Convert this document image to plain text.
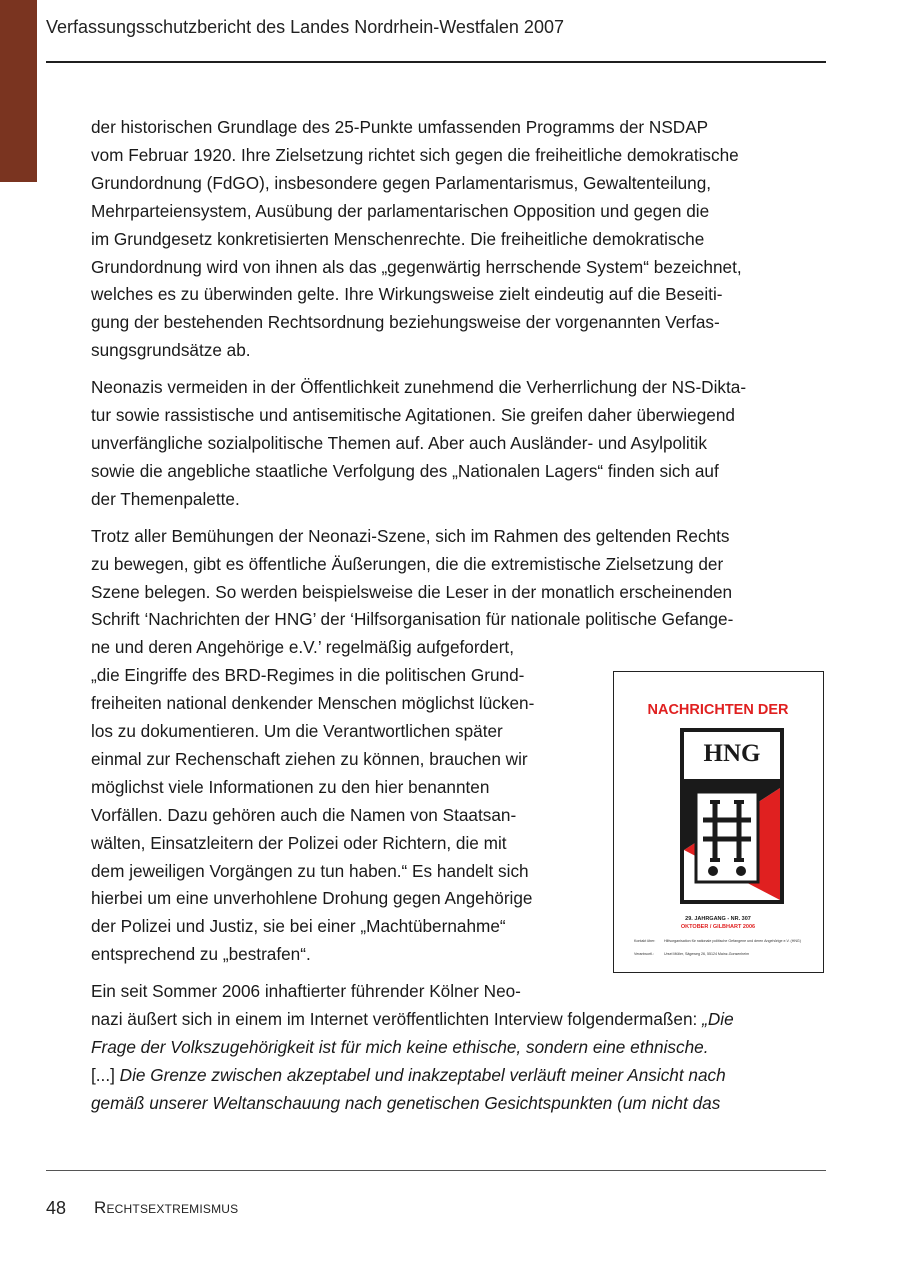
Verfassungsschutzbericht des Landes Nordrhein-Westfalen 2007
der historischen Grundlage des 25-Punkte umfassenden Programms der NSDAP
vom Februar 1920. Ihre Zielsetzung richtet sich gegen die freiheitliche demokratische
Grundordnung (FdGO), insbesondere gegen Parlamentarismus, Gewaltenteilung,
Mehrparteiensystem, Ausübung der parlamentarischen Opposition und gegen die
im Grundgesetz konkretisierten Menschenrechte. Die freiheitliche demokratische
Grundordnung wird von ihnen als das „gegenwärtig herrschende System“ bezeichnet,
welches es zu überwinden gelte. Ihre Wirkungsweise zielt eindeutig auf die Beseiti-
gung der bestehenden Rechtsordnung beziehungsweise der vorgenannten Verfas-
sungsgrundsätze ab.
Neonazis vermeiden in der Öffentlichkeit zunehmend die Verherrlichung der NS-Dikta-
tur sowie rassistische und antisemitische Agitationen. Sie greifen daher überwiegend
unverfängliche sozialpolitische Themen auf. Aber auch Ausländer- und Asylpolitik
sowie die angebliche staatliche Verfolgung des „Nationalen Lagers“ finden sich auf
der Themenpalette.
Trotz aller Bemühungen der Neonazi-Szene, sich im Rahmen des geltenden Rechts
zu bewegen, gibt es öffentliche Äußerungen, die die extremistische Zielsetzung der
Szene belegen. So werden beispielsweise die Leser in der monatlich erscheinenden
Schrift ‘Nachrichten der HNG’ der ‘Hilfsorganisation für nationale politische Gefange-
ne und deren Angehörige e.V.’ regelmäßig aufgefordert,
„die Eingriffe des BRD-Regimes in die politischen Grund-
freiheiten national denkender Menschen möglichst lücken-
los zu dokumentieren. Um die Verantwortlichen später
einmal zur Rechenschaft ziehen zu können, brauchen wir
möglichst viele Informationen zu den hier benannten
Vorfällen. Dazu gehören auch die Namen von Staatsan-
wälten, Einsatzleitern der Polizei oder Richtern, die mit
dem jeweiligen Vorgängen zu tun haben.“ Es handelt sich
hierbei um eine unverhohlene Drohung gegen Angehörige
der Polizei und Justiz, sie bei einer „Machtübernahme“
entsprechend zu „bestrafen“.
Ein seit Sommer 2006 inhaftierter führender Kölner Neo-
nazi äußert sich in einem im Internet veröffentlichten Interview folgendermaßen: „Die
Frage der Volkszugehörigkeit ist für mich keine ethische, sondern eine ethnische.
[...] Die Grenze zwischen akzeptabel und inakzeptabel verläuft meiner Ansicht nach
gemäß unserer Weltanschauung nach genetischen Gesichtspunkten (um nicht das
NACHRICHTEN DER
HNG
29. JAHRGANG - NR. 307
OKTOBER / GILBHART 2006
Kontakt über: Hilfsorganisation für nationale politische Gefangene und deren Angehörige e.V. (HNG)
Verantwortl.:	Ursel Müller, Sägeweg 26, 55124 Mainz-Gonsenheim
48 Rechtsextremismus
